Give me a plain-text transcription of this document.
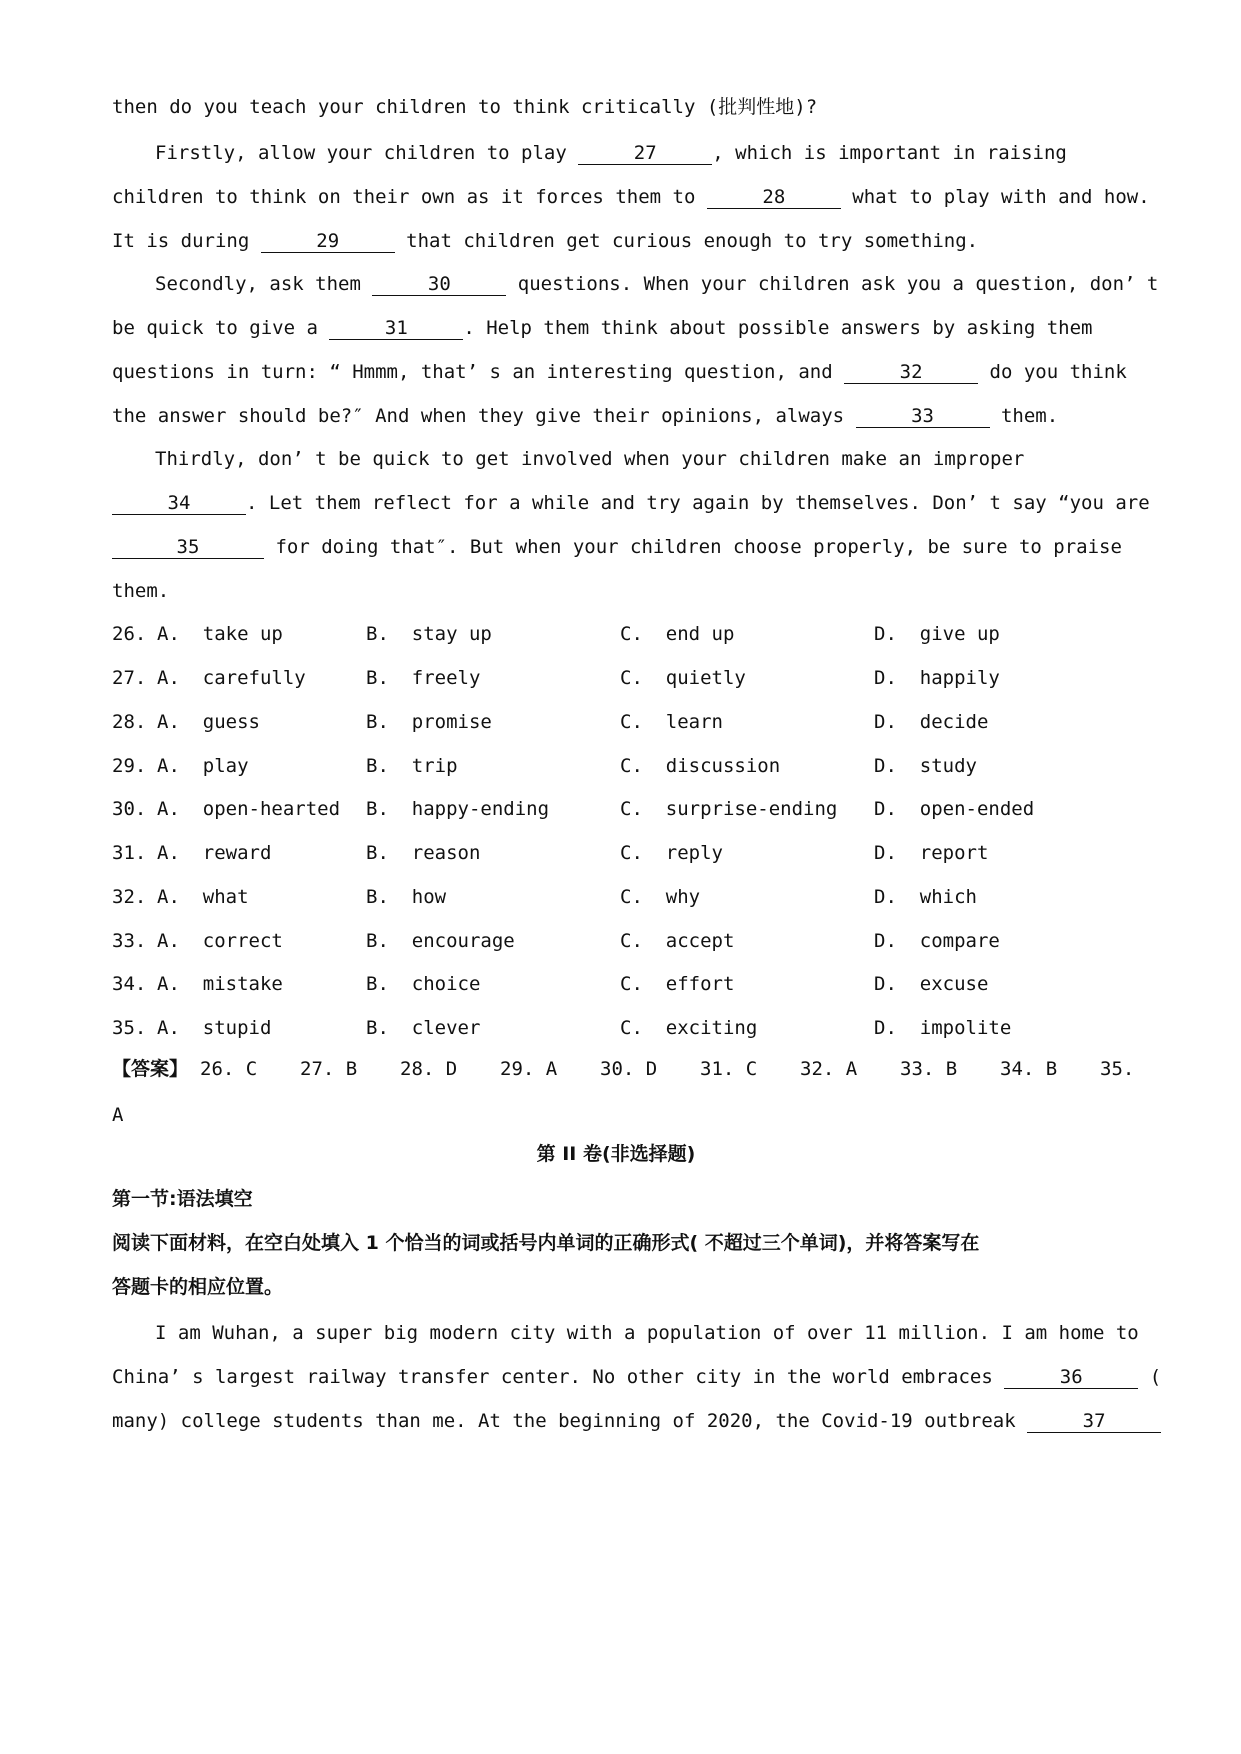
then do you teach your children to think critically (批判性地)?
Firstly, allow your children to play	27	, which is important in raising
children to think on their own as it forces them to	28	what to play with and how.
It is during	29	that children get curious enough to try something.
Secondly, ask them	30	questions. When your children ask you a question, don’ t
be quick to give a	31	. Help them think about possible answers by asking them
questions in turn: “ Hmmm, that’ s an interesting question, and	32	do you think
the answer should be?″ And when they give their opinions, always	33	them.
Thirdly, don’ t be quick to get involved when your children make an improper
34	. Let them reflect for a while and try again by themselves. Don’ t say “you are
35	for doing that″. But when your children choose properly, be sure to praise
them.
26. A.  take up	B.  stay up	C.  end up	D.  give up
27. A.  carefully	B.  freely	C.  quietly	D.  happily
28. A.  guess	B.  promise	C.  learn	D.  decide
29. A.  play	B.  trip	C.  discussion	D.  study
30. A.  open-hearted B.  happy-ending	C.  surprise-ending D.  open-ended
31. A.  reward	B.  reason	C.  reply	D.  report
32. A.  what	B.  how	C.  why	D.  which
33. A.  correct	B.  encourage	C.  accept	D.  compare
34. A.  mistake	B.  choice	C.  effort	D.  excuse
35. A.  stupid	B.  clever	C.  exciting	D.  impolite
【答案】 26. C 27. B 28. D 29. A 30. D 31. C 32. A 33. B 34. B 35.
A
第 II 卷(非选择题)
第一节:语法填空
阅读下面材料，在空白处填入 1 个恰当的词或括号内单词的正确形式( 不超过三个单词)，并将答案写在
答题卡的相应位置。
I am Wuhan, a super big modern city with a population of over 11 million. I am home to
China’ s largest railway transfer center. No other city in the world embraces	36	(
many) college students than me. At the beginning of 2020, the Covid-19 outbreak	37
